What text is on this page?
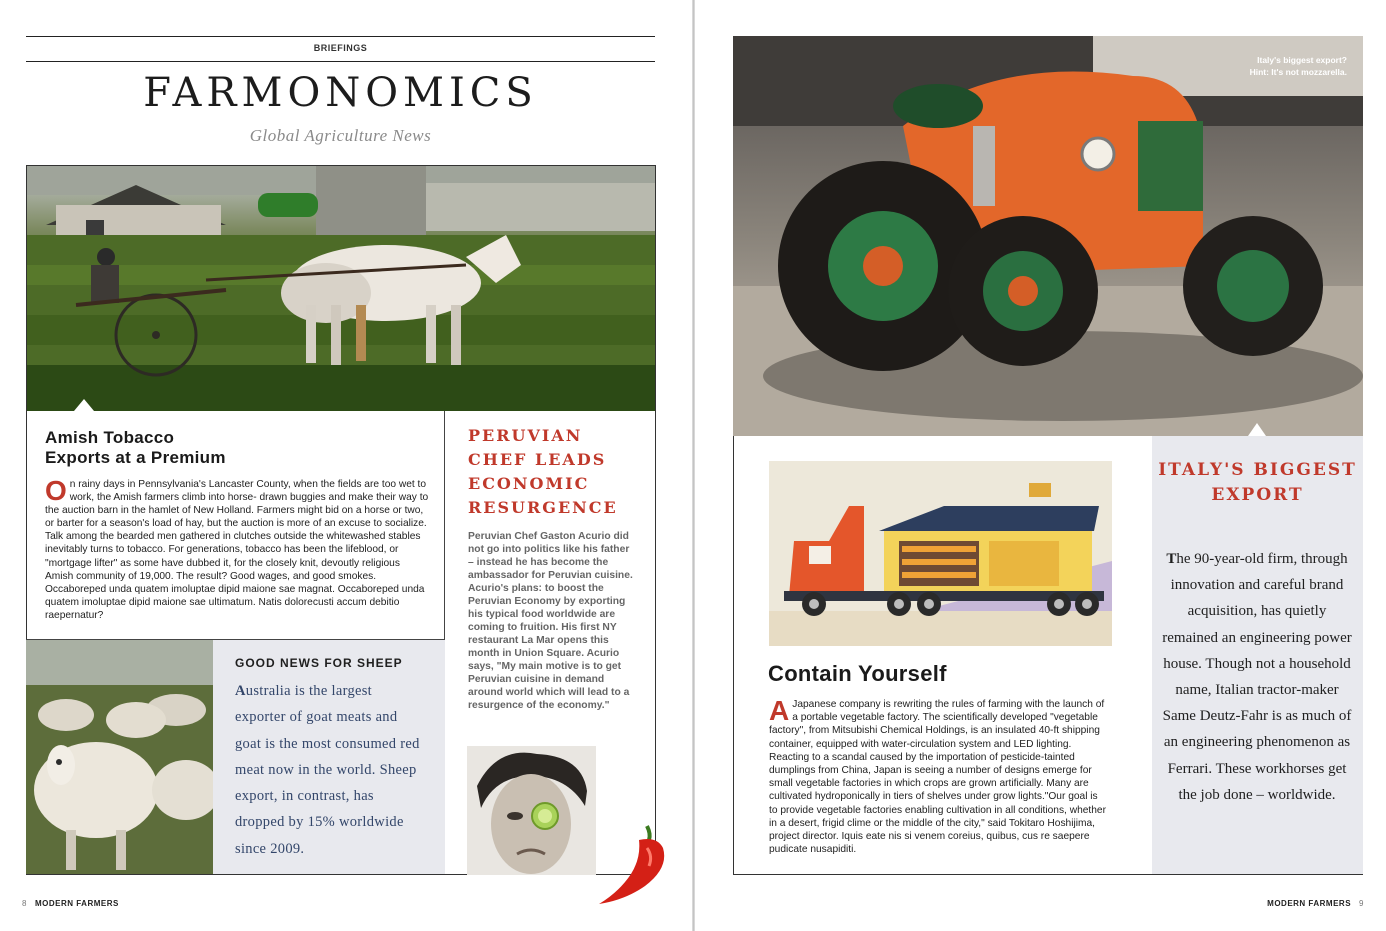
BRIEFINGS
FARMONOMICS
Global Agriculture News
Amish Tobacco
Exports at a Premium
On rainy days in Pennsylvania's Lancaster County, when the fields are too wet to work, the Amish farmers climb into horse- drawn buggies and make their way to the auction barn in the hamlet of New Holland. Farmers might bid on a horse or two, or barter for a season's load of hay, but the auction is more of an excuse to socialize. Talk among the bearded men gathered in clutches outside the whitewashed stables inevitably turns to tobacco. For generations, tobacco has been the lifeblood, or "mortgage lifter" as some have dubbed it, for the closely knit, devoutly religious Amish community of 19,000. The result? Good wages, and good smokes. Occaboreped unda quatem imoluptae dipid maione sae magnat. Occaboreped unda quatem imoluptae dipid maione sae ultimatum. Natis dolorecusti accum debitio raepernatur?
PERUVIAN CHEF LEADS ECONOMIC RESURGENCE
Peruvian Chef Gaston Acurio did not go into politics like his father – instead he has become the ambassador for Peruvian cuisine. Acurio's plans: to boost the Peruvian Economy by exporting his typical food worldwide are coming to fruition. His first NY restaurant La Mar opens this month in Union Square. Acurio says, "My main motive is to get Peruvian cuisine in demand around world which will lead to a resurgence of the economy."
GOOD NEWS FOR SHEEP
Australia is the largest exporter of goat meats and goat is the most consumed red meat now in the world. Sheep export, in contrast, has dropped by 15% worldwide since 2009.
8 MODERN FARMERS
Italy's biggest export?
Hint: It's not mozzarella.
Contain Yourself
A Japanese company is rewriting the rules of farming with the launch of a portable vegetable factory. The scientifically developed "vegetable factory", from Mitsubishi Chemical Holdings, is an insulated 40-ft shipping container, equipped with water-circulation system and LED lighting. Reacting to a scandal caused by the importation of pesticide-tainted dumplings from China, Japan is seeing a number of designs emerge for small vegetable factories in which crops are grown artificially. Many are cultivated hydroponically in tiers of shelves under grow lights."Our goal is to provide vegetable factories enabling cultivation in all conditions, whether in a desert, frigid clime or the middle of the city," said Tokitaro Hoshijima, project director. Iquis eate nis si venem coreius, quibus, cus re saepere pudicate nusapiditi.
ITALY'S BIGGEST EXPORT
The 90-year-old firm, through innovation and careful brand acquisition, has quietly remained an engineering power house. Though not a household name, Italian tractor-maker Same Deutz-Fahr is as much of an engineering phenomenon as Ferrari. These workhorses get the job done – worldwide.
MODERN FARMERS 9
